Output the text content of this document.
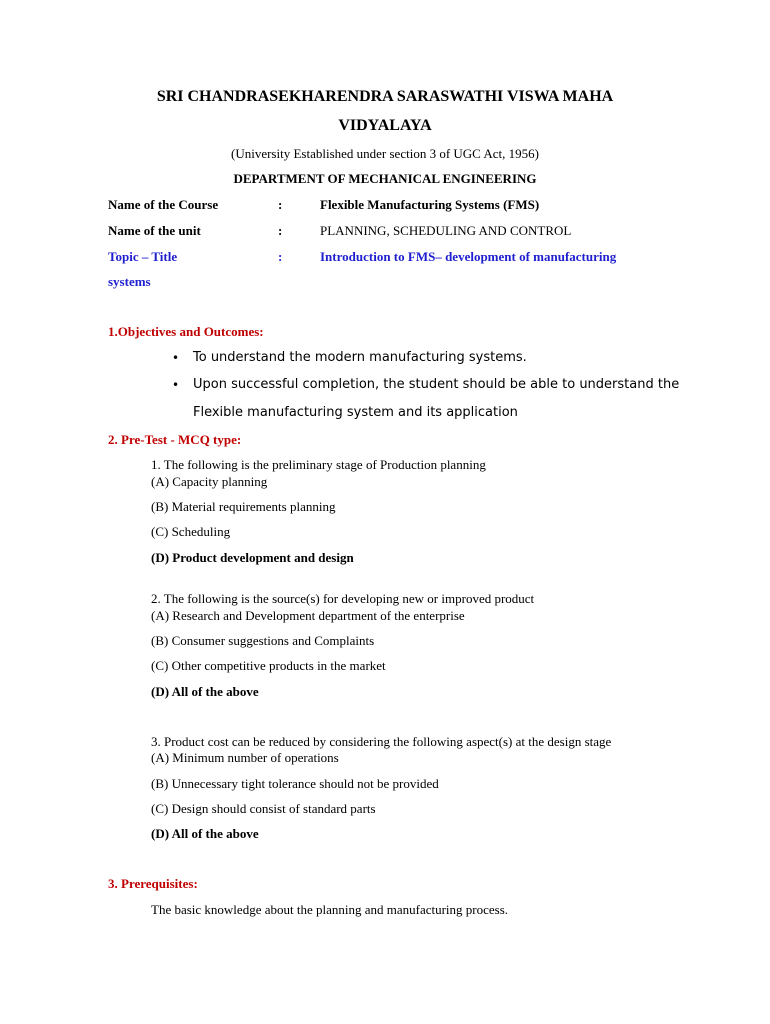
SRI CHANDRASEKHARENDRA SARASWATHI VISWA MAHA
VIDYALAYA
(University Established under section 3 of UGC Act, 1956)
DEPARTMENT OF MECHANICAL ENGINEERING
Name of the Course	:	Flexible Manufacturing Systems (FMS)
Name of the unit	:	PLANNING, SCHEDULING AND CONTROL
Topic – Title	:	Introduction to FMS– development of manufacturing
systems
1.Objectives and Outcomes:
• To understand the modern manufacturing systems.
• Upon successful completion, the student should be able to understand the
Flexible manufacturing system and its application
2. Pre-Test - MCQ type:
1. The following is the preliminary stage of Production planning
(A) Capacity planning
(B) Material requirements planning
(C) Scheduling
(D) Product development and design
2. The following is the source(s) for developing new or improved product
(A) Research and Development department of the enterprise
(B) Consumer suggestions and Complaints
(C) Other competitive products in the market
(D) All of the above
3. Product cost can be reduced by considering the following aspect(s) at the design stage
(A) Minimum number of operations
(B) Unnecessary tight tolerance should not be provided
(C) Design should consist of standard parts
(D) All of the above
3. Prerequisites:
The basic knowledge about the planning and manufacturing process.
